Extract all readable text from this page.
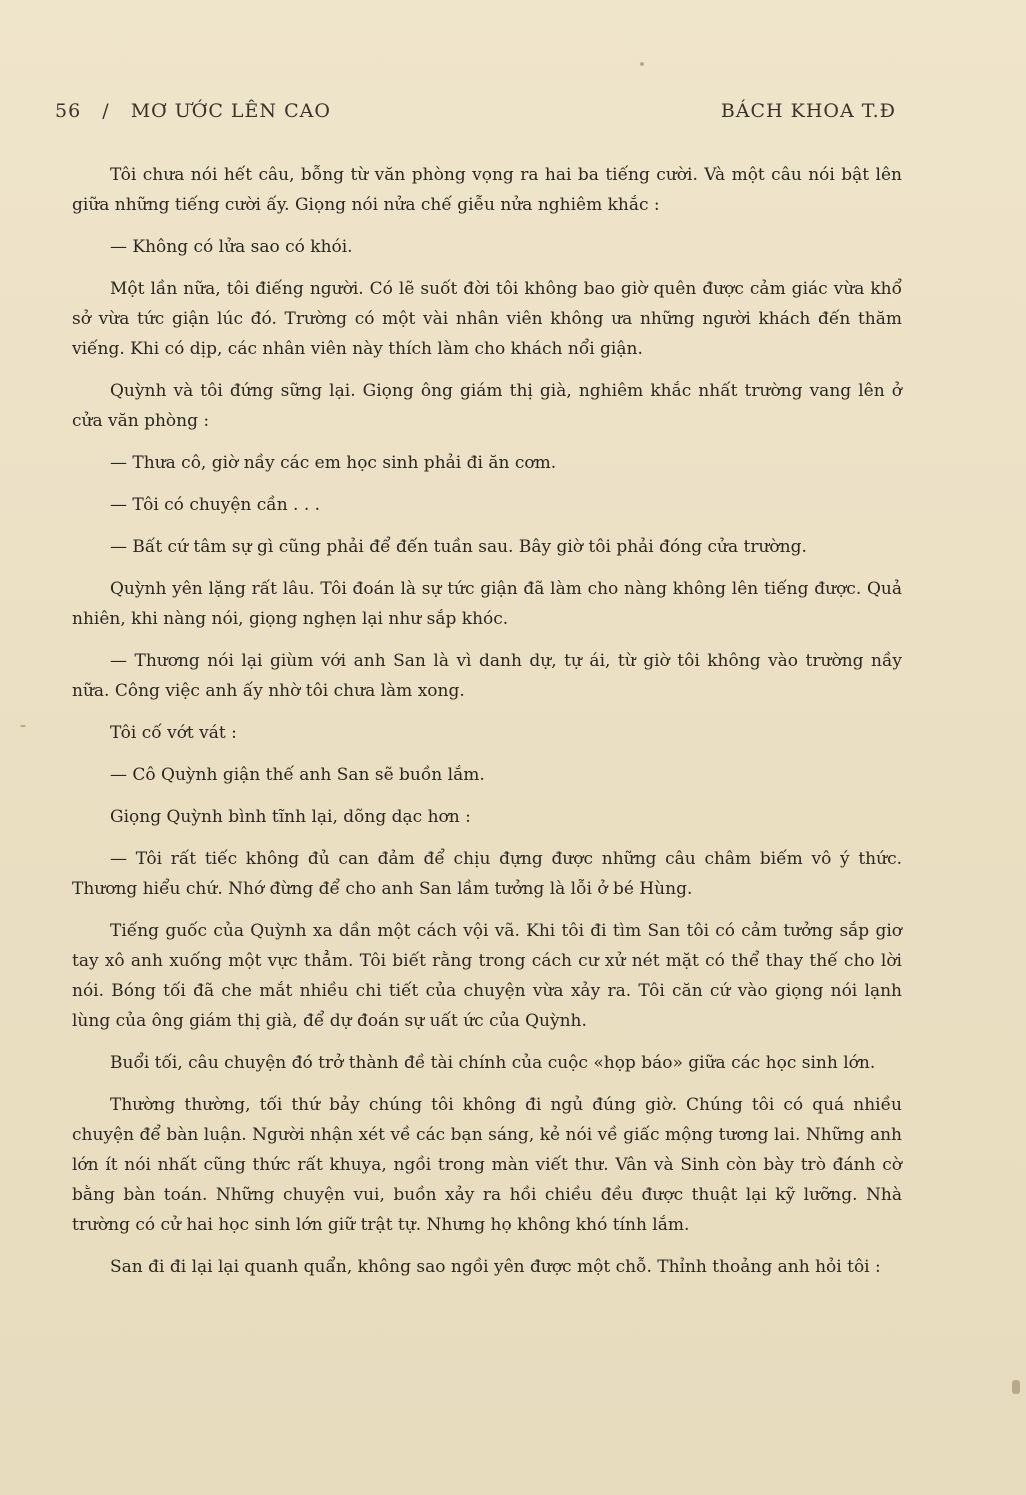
56 / MƠ ƯỚC LÊN CAO	BÁCH KHOA T.Đ

Tôi chưa nói hết câu, bỗng từ văn phòng vọng ra hai ba tiếng cười. Và một câu nói bật lên giữa những tiếng cười ấy. Giọng nói nửa chế giễu nửa nghiêm khắc :

— Không có lửa sao có khói.

Một lần nữa, tôi điếng người. Có lẽ suốt đời tôi không bao giờ quên được cảm giác vừa khổ sở vừa tức giận lúc đó. Trường có một vài nhân viên không ưa những người khách đến thăm viếng. Khi có dịp, các nhân viên này thích làm cho khách nổi giận.

Quỳnh và tôi đứng sững lại. Giọng ông giám thị già, nghiêm khắc nhất trường vang lên ở cửa văn phòng :

— Thưa cô, giờ nầy các em học sinh phải đi ăn cơm.

— Tôi có chuyện cần . . .

— Bất cứ tâm sự gì cũng phải để đến tuần sau. Bây giờ tôi phải đóng cửa trường.

Quỳnh yên lặng rất lâu. Tôi đoán là sự tức giận đã làm cho nàng không lên tiếng được. Quả nhiên, khi nàng nói, giọng nghẹn lại như sắp khóc.

— Thương nói lại giùm với anh San là vì danh dự, tự ái, từ giờ tôi không vào trường nầy nữa. Công việc anh ấy nhờ tôi chưa làm xong.

Tôi cố vớt vát :

— Cô Quỳnh giận thế anh San sẽ buồn lắm.

Giọng Quỳnh bình tĩnh lại, dõng dạc hơn :

— Tôi rất tiếc không đủ can đảm để chịu đựng được những câu châm biếm vô ý thức. Thương hiểu chứ. Nhớ đừng để cho anh San lầm tưởng là lỗi ở bé Hùng.

Tiếng guốc của Quỳnh xa dần một cách vội vã. Khi tôi đi tìm San tôi có cảm tưởng sắp giơ tay xô anh xuống một vực thẳm. Tôi biết rằng trong cách cư xử nét mặt có thể thay thế cho lời nói. Bóng tối đã che mắt nhiều chi tiết của chuyện vừa xảy ra. Tôi căn cứ vào giọng nói lạnh lùng của ông giám thị già, để dự đoán sự uất ức của Quỳnh.

Buổi tối, câu chuyện đó trở thành đề tài chính của cuộc «họp báo» giữa các học sinh lớn.

Thường thường, tối thứ bảy chúng tôi không đi ngủ đúng giờ. Chúng tôi có quá nhiều chuyện để bàn luận. Người nhận xét về các bạn sáng, kẻ nói về giấc mộng tương lai. Những anh lớn ít nói nhất cũng thức rất khuya, ngồi trong màn viết thư. Vân và Sinh còn bày trò đánh cờ bằng bàn toán. Những chuyện vui, buồn xảy ra hồi chiều đều được thuật lại kỹ lưỡng. Nhà trường có cử hai học sinh lớn giữ trật tự. Nhưng họ không khó tính lắm.

San đi đi lại lại quanh quẩn, không sao ngồi yên được một chỗ. Thỉnh thoảng anh hỏi tôi :
